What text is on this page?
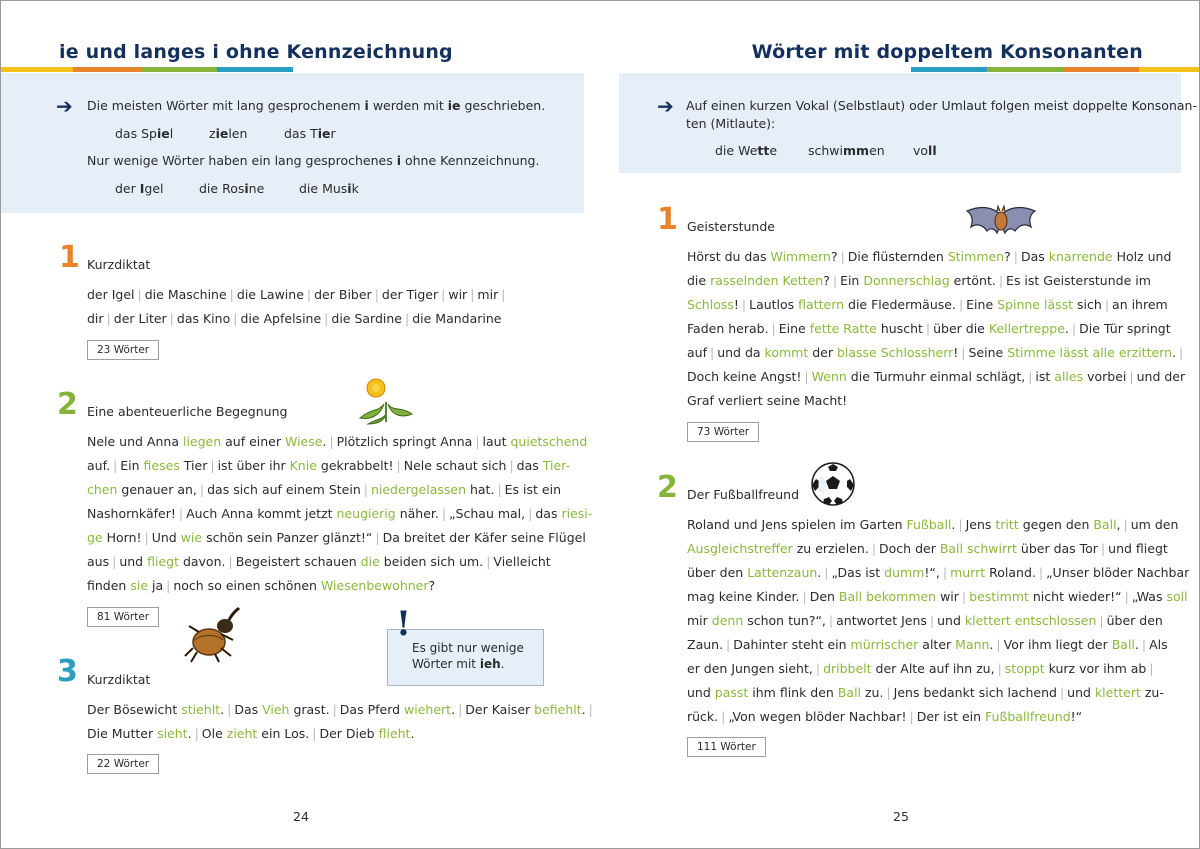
ie und langes i ohne Kennzeichnung
➔ Die meisten Wörter mit lang gesprochenem i werden mit ie geschrieben.
das Spiel	zielen	das Tier
Nur wenige Wörter haben ein lang gesprochenes i ohne Kennzeichnung.
der Igel	die Rosine	die Musik
1 Kurzdiktat
der Igel | die Maschine | die Lawine | der Biber | der Tiger | wir | mir |
dir | der Liter | das Kino | die Apfelsine | die Sardine | die Mandarine
23 Wörter
2 Eine abenteuerliche Begegnung
Nele und Anna liegen auf einer Wiese. | Plötzlich springt Anna | laut quietschend
auf. | Ein fieses Tier | ist über ihr Knie gekrabbelt! | Nele schaut sich | das Tier-
chen genauer an, | das sich auf einem Stein | niedergelassen hat. | Es ist ein
Nashornkäfer! | Auch Anna kommt jetzt neugierig näher. | „Schau mal, | das riesi-
ge Horn! | Und wie schön sein Panzer glänzt!“ | Da breitet der Käfer seine Flügel
aus | und fliegt davon. | Begeistert schauen die beiden sich um. | Vielleicht
finden sie ja | noch so einen schönen Wiesenbewohner?
81 Wörter	!
Es gibt nur wenige
Wörter mit ieh.
3 Kurzdiktat
Der Bösewicht stiehlt. | Das Vieh grast. | Das Pferd wiehert. | Der Kaiser befiehlt. |
Die Mutter sieht. | Ole zieht ein Los. | Der Dieb flieht.
22 Wörter
24
Wörter mit doppeltem Konsonanten
➔ Auf einen kurzen Vokal (Selbstlaut) oder Umlaut folgen meist doppelte Konsonan-
ten (Mitlaute):
die Wette schwimmen voll
1 Geisterstunde
Hörst du das Wimmern? | Die flüsternden Stimmen? | Das knarrende Holz und
die rasselnden Ketten? | Ein Donnerschlag ertönt. | Es ist Geisterstunde im
Schloss! | Lautlos flattern die Fledermäuse. | Eine Spinne lässt sich | an ihrem
Faden herab. | Eine fette Ratte huscht | über die Kellertreppe. | Die Tür springt
auf | und da kommt der blasse Schlossherr! | Seine Stimme lässt alle erzittern. |
Doch keine Angst! | Wenn die Turmuhr einmal schlägt, | ist alles vorbei | und der
Graf verliert seine Macht!
73 Wörter
2 Der Fußballfreund
Roland und Jens spielen im Garten Fußball. | Jens tritt gegen den Ball, | um den
Ausgleichstreffer zu erzielen. | Doch der Ball schwirrt über das Tor | und fliegt
über den Lattenzaun. | „Das ist dumm!“, | murrt Roland. | „Unser blöder Nachbar
mag keine Kinder. | Den Ball bekommen wir | bestimmt nicht wieder!“ | „Was soll
mir denn schon tun?“, | antwortet Jens | und klettert entschlossen | über den
Zaun. | Dahinter steht ein mürrischer alter Mann. | Vor ihm liegt der Ball. | Als
er den Jungen sieht, | dribbelt der Alte auf ihn zu, | stoppt kurz vor ihm ab |
und passt ihm flink den Ball zu. | Jens bedankt sich lachend | und klettert zu-
rück. | „Von wegen blöder Nachbar! | Der ist ein Fußballfreund!“
111 Wörter
25
